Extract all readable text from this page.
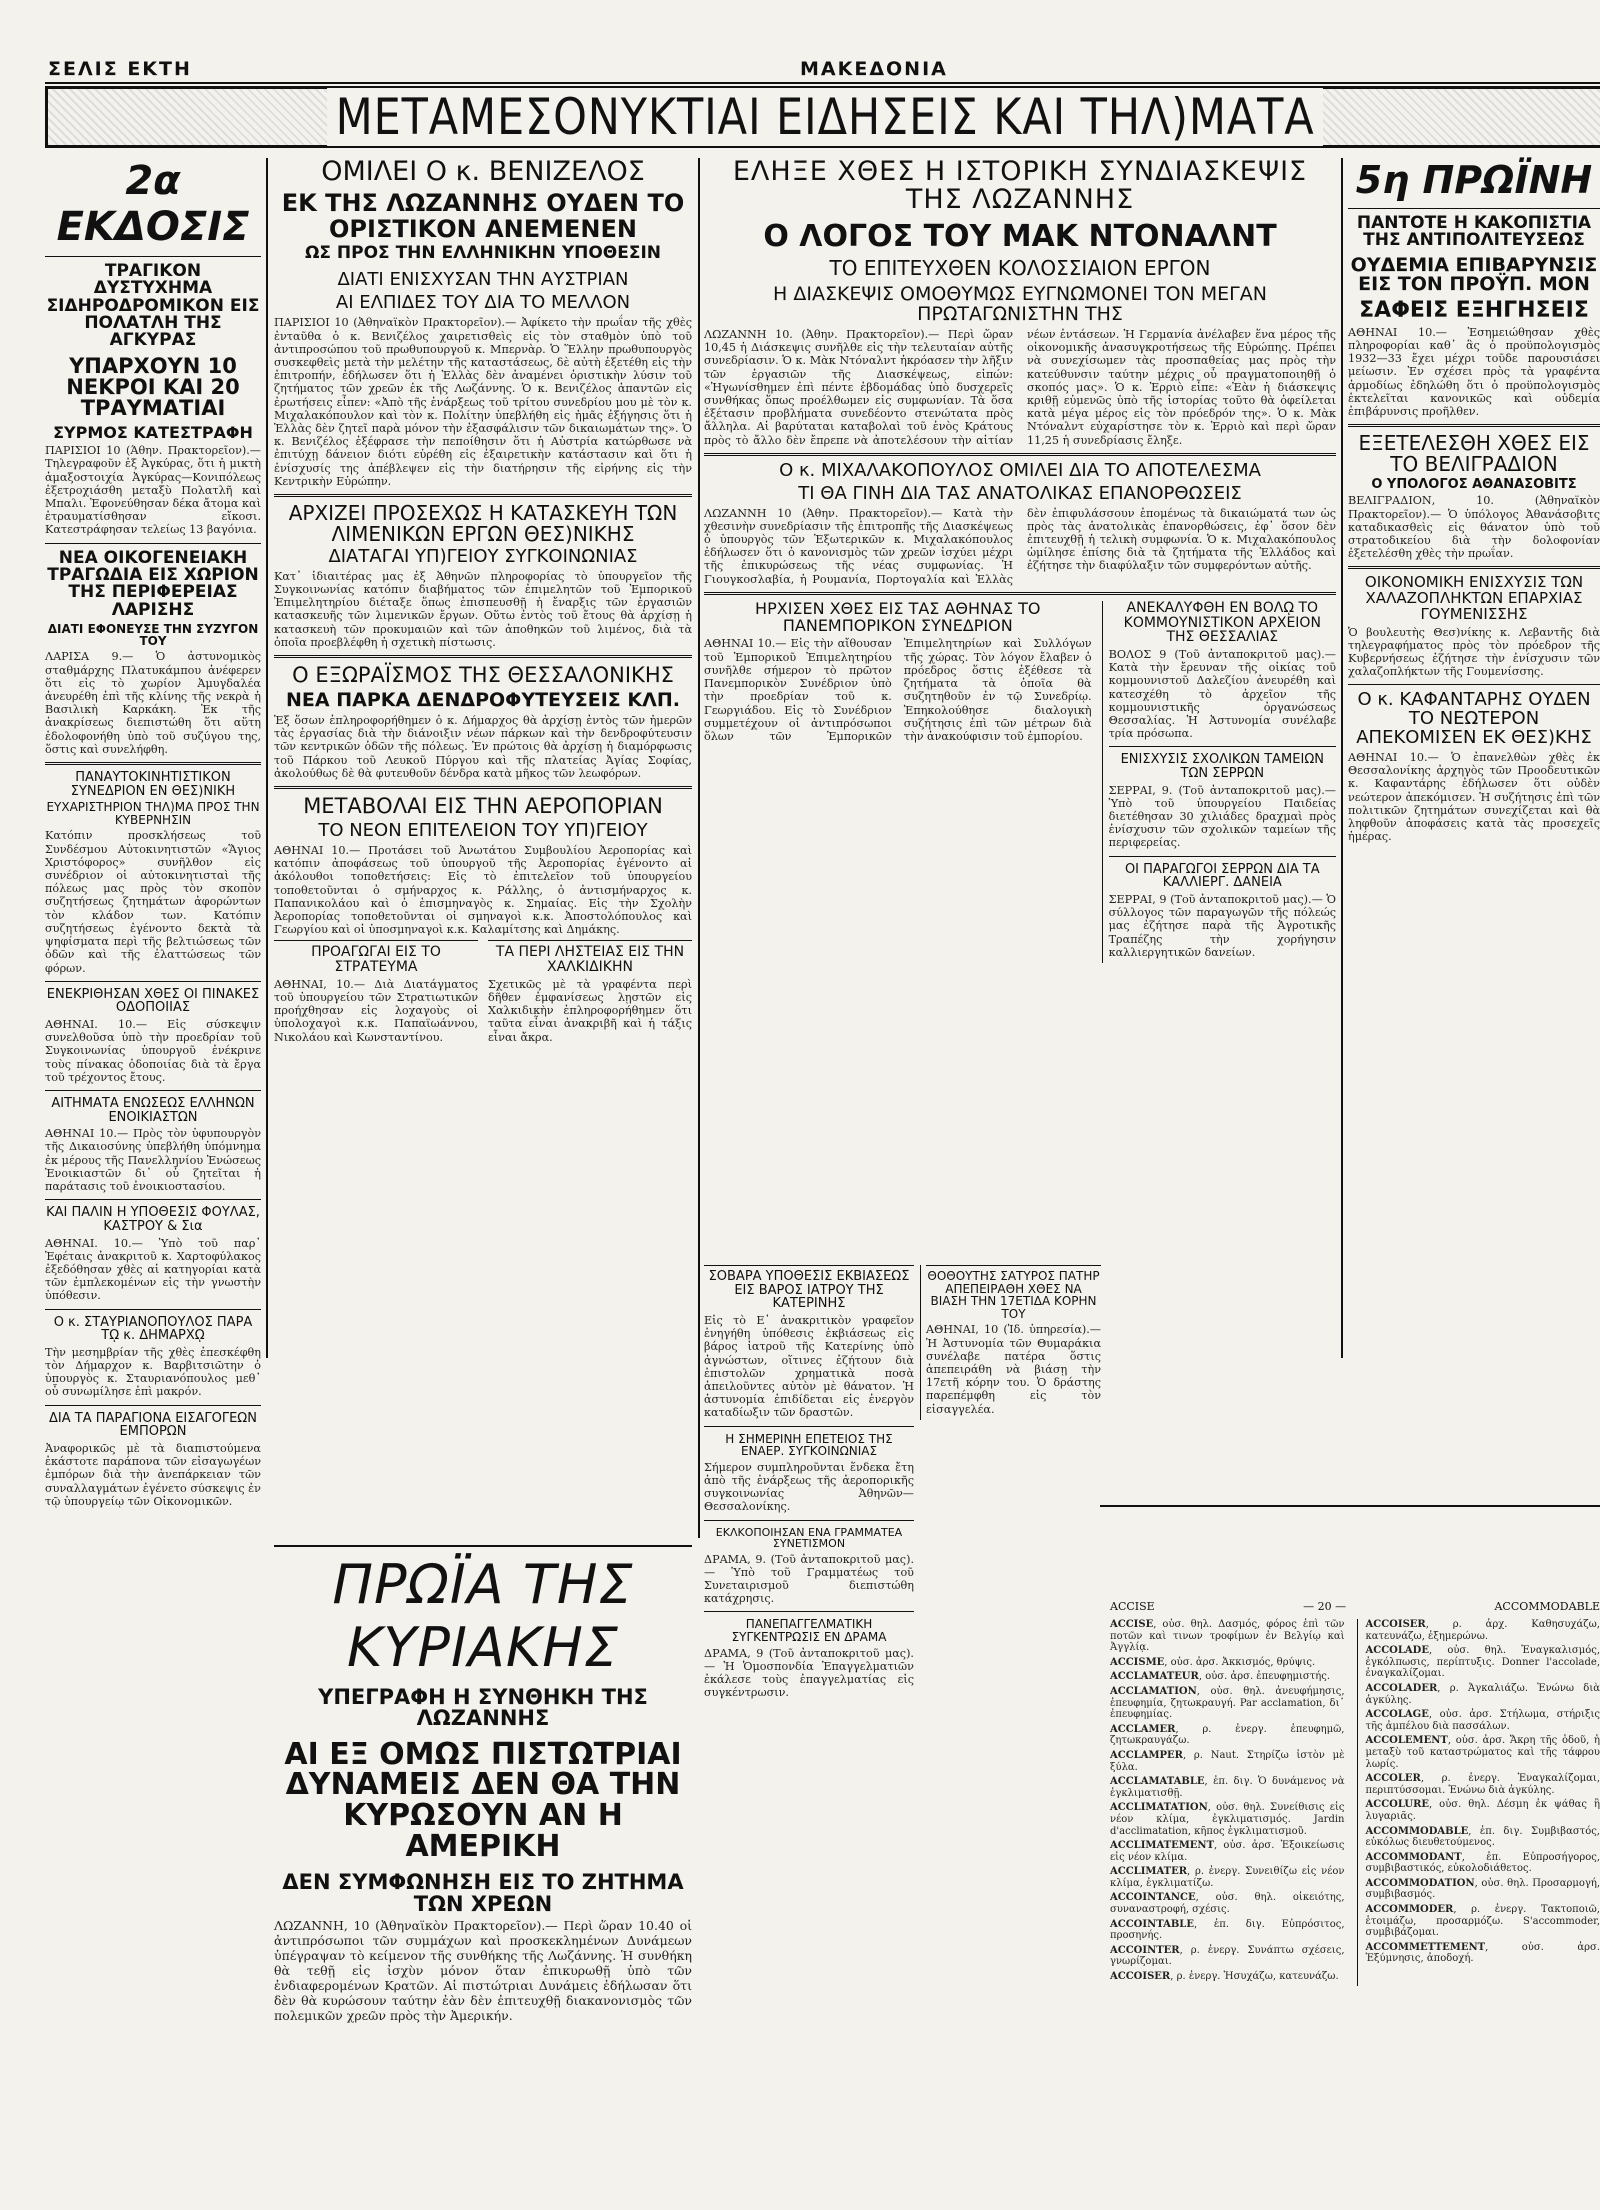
ΣΕΛΙΣ ΕΚΤΗ	ΜΑΚΕΔΟΝΙΑ
ΜΕΤΑΜΕΣΟΝΥΚΤΙΑΙ ΕΙΔΗΣΕΙΣ ΚΑΙ ΤΗΛ)ΜΑΤΑ
2α ΕΚΔΟΣΙΣ
ΤΡΑΓΙΚΟΝ ΔΥΣΤΥΧΗΜΑ ΣΙΔΗΡΟΔΡΟΜΙΚΟΝ ΕΙΣ ΠΟΛΑΤΛΗ ΤΗΣ ΑΓΚΥΡΑΣ
ΥΠΑΡΧΟΥΝ 10 ΝΕΚΡΟΙ ΚΑΙ 20 ΤΡΑΥΜΑΤΙΑΙ
ΣΥΡΜΟΣ ΚΑΤΕΣΤΡΑΦΗ

ΠΑΡΙΣΙΟΙ 10 (Άθην. Πρακτορεῖον).— Τηλεγραφοῦν ἐξ Ἀγκύρας, ὅτι ἡ μικτὴ ἀμαξοστοιχία Ἀγκύρας—Κονιπόλεως ἐξετροχιάσθη μεταξὺ Πολατλῆ καὶ Μπαλι. Ἐφονεύθησαν δέκα ἄτομα καὶ ἐτραυματίσθησαν εἴκοσι. Κατεστράφησαν τελείως 13 βαγόνια.

ΝΕΑ ΟΙΚΟΓΕΝΕΙΑΚΗ ΤΡΑΓΩΔΙΑ ΕΙΣ ΧΩΡΙΟΝ ΤΗΣ ΠΕΡΙΦΕΡΕΙΑΣ ΛΑΡΙΣΗΣ
ΔΙΑΤΙ ΕΦΟΝΕΥΣΕ ΤΗΝ ΣΥΖΥΓΟΝ ΤΟΥ

ΛΑΡΙΣΑ 9.— Ὁ ἀστυνομικὸς σταθμάρχης Πλατυκάμπου ἀνέφερεν ὅτι εἰς τὸ χωρίον Ἀμυγδαλέα ἀνευρέθη ἐπὶ τῆς κλίνης τῆς νεκρὰ ἡ Βασιλικὴ Καρκάκη. Ἐκ τῆς ἀνακρίσεως διεπιστώθη ὅτι αὕτη ἐδολοφονήθη ὑπὸ τοῦ συζύγου της, ὅστις καὶ συνελήφθη.

ΠΑΝΑΥΤΟΚΙΝΗΤΙΣΤΙΚΟΝ ΣΥΝΕΔΡΙΟΝ ΕΝ ΘΕΣ)ΝΙΚΗ
ΕΥΧΑΡΙΣΤΗΡΙΟΝ ΤΗΛ)ΜΑ ΠΡΟΣ ΤΗΝ ΚΥΒΕΡΝΗΣΙΝ

Κατόπιν προσκλήσεως τοῦ Συνδέσμου Αὐτοκινητιστῶν «Ἅγιος Χριστόφορος» συνῆλθον εἰς συνέδριον οἱ αὐτοκινητισταὶ τῆς πόλεως μας πρὸς τὸν σκοπὸν συζητήσεως ζητημάτων ἀφορώντων τὸν κλάδον των. Κατόπιν συζητήσεως ἐγένοντο δεκτὰ τὰ ψηφίσματα περὶ τῆς βελτιώσεως τῶν ὁδῶν καὶ τῆς ἐλαττώσεως τῶν φόρων.

ΕΝΕΚΡΙΘΗΣΑΝ ΧΘΕΣ ΟΙ ΠΙΝΑΚΕΣ ΟΔΟΠΟΙΙΑΣ

ΑΘΗΝΑΙ. 10.— Εἰς σύσκεψιν συνελθοῦσα ὑπὸ τὴν προεδρίαν τοῦ Συγκοινωνίας ὑπουργοῦ ἐνέκρινε τοὺς πίνακας ὁδοποιίας διὰ τὰ ἔργα τοῦ τρέχοντος ἔτους.

ΑΙΤΗΜΑΤΑ ΕΝΩΣΕΩΣ ΕΛΛΗΝΩΝ ΕΝΟΙΚΙΑΣΤΩΝ

ΑΘΗΝΑΙ 10.— Πρὸς τὸν ὑφυπουργὸν τῆς Δικαιοσύνης ὑπεβλήθη ὑπόμνημα ἐκ μέρους τῆς Πανελληνίου Ἑνώσεως Ἐνοικιαστῶν δι᾽ οὗ ζητεῖται ἡ παράτασις τοῦ ἐνοικιοστασίου.

ΚΑΙ ΠΑΛΙΝ Η ΥΠΟΘΕΣΙΣ ΦΟΥΛΑΣ, ΚΑΣΤΡΟΥ & Σια

ΑΘΗΝΑΙ. 10.— Ὑπὸ τοῦ παρ᾽ Ἐφέταις ἀνακριτοῦ κ. Χαρτοφύλακος ἐξεδόθησαν χθὲς αἱ κατηγορίαι κατὰ τῶν ἐμπλεκομένων εἰς τὴν γνωστὴν ὑπόθεσιν.

Ο κ. ΣΤΑΥΡΙΑΝΟΠΟΥΛΟΣ ΠΑΡΑ Τῼ κ. ΔΗΜΑΡΧῼ

Τὴν μεσημβρίαν τῆς χθὲς ἐπεσκέφθη τὸν Δήμαρχον κ. Βαρβιτσιῶτην ὁ ὑπουργὸς κ. Σταυριανόπουλος μεθ᾽ οὗ συνωμίλησε ἐπὶ μακρόν.

ΔΙΑ ΤΑ ΠΑΡΑΓΙΟΝΑ ΕΙΣΑΓΟΓΕΩΝ ΕΜΠΟΡΩΝ

Ἀναφορικῶς μὲ τὰ διαπιστούμενα ἐκάστοτε παράπονα τῶν εἰσαγωγέων ἐμπόρων διὰ τὴν ἀνεπάρκειαν τῶν συναλλαγμάτων ἐγένετο σύσκεψις ἐν τῷ ὑπουργείῳ τῶν Οἰκονομικῶν.

ΟΜΙΛΕΙ Ο κ. ΒΕΝΙΖΕΛΟΣ
ΕΚ ΤΗΣ ΛΩΖΑΝΝΗΣ ΟΥΔΕΝ ΤΟ ΟΡΙΣΤΙΚΟΝ ΑΝΕΜΕΝΕΝ
ΩΣ ΠΡΟΣ ΤΗΝ ΕΛΛΗΝΙΚΗΝ ΥΠΟΘΕΣΙΝ
ΔΙΑΤΙ ΕΝΙΣΧΥΣΑΝ ΤΗΝ ΑΥΣΤΡΙΑΝ
ΑΙ ΕΛΠΙΔΕΣ ΤΟΥ ΔΙΑ ΤΟ ΜΕΛΛΟΝ

ΠΑΡΙΣΙΟΙ 10 (Ἀθηναϊκὸν Πρακτορεῖον).— Ἀφίκετο τὴν πρωΐαν τῆς χθὲς ἐνταῦθα ὁ κ. Βενιζέλος χαιρετισθεὶς εἰς τὸν σταθμὸν ὑπὸ τοῦ ἀντιπροσώπου τοῦ πρωθυπουργοῦ κ. Μπερνὰρ. Ὁ Ἕλλην πρωθυπουργὸς συσκεφθεὶς μετὰ τὴν μελέτην τῆς καταστάσεως, δὲ αὐτὴ ἐξετέθη εἰς τὴν ἐπιτροπήν, ἐδήλωσεν ὅτι ἡ Ἑλλὰς δὲν ἀναμένει ὁριστικὴν λύσιν τοῦ ζητήματος τῶν χρεῶν ἐκ τῆς Λωζάννης. Ὁ κ. Βενιζέλος ἀπαντῶν εἰς ἐρωτήσεις εἶπεν: «Ἀπὸ τῆς ἐνάρξεως τοῦ τρίτου συνεδρίου μου μὲ τὸν κ. Μιχαλακόπουλον καὶ τὸν κ. Πολίτην ὑπεβλήθη εἰς ἡμᾶς ἐξήγησις ὅτι ἡ Ἑλλὰς δὲν ζητεῖ παρὰ μόνον τὴν ἐξασφάλισιν τῶν δικαιωμάτων της». Ὁ κ. Βενιζέλος ἐξέφρασε τὴν πεποίθησιν ὅτι ἡ Αὐστρία κατώρθωσε νὰ ἐπιτύχῃ δάνειον διότι εὑρέθη εἰς ἐξαιρετικὴν κατάστασιν καὶ ὅτι ἡ ἐνίσχυσίς της ἀπέβλεψεν εἰς τὴν διατήρησιν τῆς εἰρήνης εἰς τὴν Κεντρικὴν Εὐρώπην.

ΑΡΧΙΖΕΙ ΠΡΟΣΕΧΩΣ Η ΚΑΤΑΣΚΕΥΗ ΤΩΝ ΛΙΜΕΝΙΚΩΝ ΕΡΓΩΝ ΘΕΣ)ΝΙΚΗΣ
ΔΙΑΤΑΓΑΙ ΥΠ)ΓΕΙΟΥ ΣΥΓΚΟΙΝΩΝΙΑΣ

Κατ᾽ ἰδιαιτέρας μας ἐξ Ἀθηνῶν πληροφορίας τὸ ὑπουργεῖον τῆς Συγκοινωνίας κατόπιν διαβήματος τῶν ἐπιμελητῶν τοῦ Ἐμπορικοῦ Ἐπιμελητηρίου διέταξε ὅπως ἐπισπευσθῇ ἡ ἔναρξις τῶν ἐργασιῶν κατασκευῆς τῶν λιμενικῶν ἔργων. Οὕτω ἐντὸς τοῦ ἔτους θὰ ἀρχίσῃ ἡ κατασκευὴ τῶν προκυμαιῶν καὶ τῶν ἀποθηκῶν τοῦ λιμένος, διὰ τὰ ὁποῖα προεβλέφθη ἡ σχετικὴ πίστωσις.

Ο ΕΞΩΡΑΪΣΜΟΣ ΤΗΣ ΘΕΣΣΑΛΟΝΙΚΗΣ
ΝΕΑ ΠΑΡΚΑ ΔΕΝΔΡΟΦΥΤΕΥΣΕΙΣ ΚΛΠ.

Ἐξ ὅσων ἐπληροφορήθημεν ὁ κ. Δήμαρχος θὰ ἀρχίσῃ ἐντὸς τῶν ἡμερῶν τὰς ἐργασίας διὰ τὴν διάνοιξιν νέων πάρκων καὶ τὴν δενδροφύτευσιν τῶν κεντρικῶν ὁδῶν τῆς πόλεως. Ἐν πρώτοις θὰ ἀρχίσῃ ἡ διαμόρφωσις τοῦ Πάρκου τοῦ Λευκοῦ Πύργου καὶ τῆς πλατείας Ἀγίας Σοφίας, ἀκολούθως δὲ θὰ φυτευθοῦν δένδρα κατὰ μῆκος τῶν λεωφόρων.

ΜΕΤΑΒΟΛΑΙ ΕΙΣ ΤΗΝ ΑΕΡΟΠΟΡΙΑΝ
ΤΟ ΝΕΟΝ ΕΠΙΤΕΛΕΙΟΝ ΤΟΥ ΥΠ)ΓΕΙΟΥ

ΑΘΗΝΑΙ 10.— Προτάσει τοῦ Ἀνωτάτου Συμβουλίου Ἀεροπορίας καὶ κατόπιν ἀποφάσεως τοῦ ὑπουργοῦ τῆς Ἀεροπορίας ἐγένοντο αἱ ἀκόλουθοι τοποθετήσεις: Εἰς τὸ ἐπιτελεῖον τοῦ ὑπουργείου τοποθετοῦνται ὁ σμήναρχος κ. Ράλλης, ὁ ἀντισμήναρχος κ. Παπανικολάου καὶ ὁ ἐπισμηναγὸς κ. Σημαίας. Εἰς τὴν Σχολὴν Ἀεροπορίας τοποθετοῦνται οἱ σμηναγοὶ κ.κ. Ἀποστολόπουλος καὶ Γεωργίου καὶ οἱ ὑποσμηναγοὶ κ.κ. Καλαμίτσης καὶ Δημάκης.

ΠΡΟΑΓΩΓΑΙ ΕΙΣ ΤΟ ΣΤΡΑΤΕΥΜΑ

ΑΘΗΝΑΙ, 10.— Διὰ Διατάγματος τοῦ ὑπουργείου τῶν Στρατιωτικῶν προήχθησαν εἰς λοχαγοὺς οἱ ὑπολοχαγοὶ κ.κ. Παπαϊωάννου, Νικολάου καὶ Κωνσταντίνου.

ΤΑ ΠΕΡΙ ΛΗΣΤΕΙΑΣ ΕΙΣ ΤΗΝ ΧΑΛΚΙΔΙΚΗΝ

Σχετικῶς μὲ τὰ γραφέντα περὶ δῆθεν ἐμφανίσεως λῃστῶν εἰς Χαλκιδικὴν ἐπληροφορήθημεν ὅτι ταῦτα εἶναι ἀνακριβῆ καὶ ἡ τάξις εἶναι ἄκρα.

ΕΛΗΞΕ ΧΘΕΣ Η ΙΣΤΟΡΙΚΗ ΣΥΝΔΙΑΣΚΕΨΙΣ ΤΗΣ ΛΩΖΑΝΝΗΣ
Ο ΛΟΓΟΣ ΤΟΥ ΜΑΚ ΝΤΟΝΑΛΝΤ
ΤΟ ΕΠΙΤΕΥΧΘΕΝ ΚΟΛΟΣΣΙΑΙΟΝ ΕΡΓΟΝ
Η ΔΙΑΣΚΕΨΙΣ ΟΜΟΘΥΜΩΣ ΕΥΓΝΩΜΟΝΕΙ ΤΟΝ ΜΕΓΑΝ ΠΡΩΤΑΓΩΝΙΣΤΗΝ ΤΗΣ

ΛΩΖΑΝΝΗ 10. (Ἀθην. Πρακτορεῖον).— Περὶ ὥραν 10,45 ἡ Διάσκεψις συνῆλθε εἰς τὴν τελευταίαν αὐτῆς συνεδρίασιν. Ὁ κ. Μὰκ Ντόναλντ ἠκρόασεν τὴν λῆξιν τῶν ἐργασιῶν τῆς Διασκέψεως, εἰπών: «Ἠγωνίσθημεν ἐπὶ πέντε ἑβδομάδας ὑπὸ δυσχερεῖς συνθήκας ὅπως προέλθωμεν εἰς συμφωνίαν. Τὰ ὅσα ἐξέτασιν προβλήματα συνεδέοντο στενώτατα πρὸς ἄλληλα. Αἱ βαρύταται καταβολαὶ τοῦ ἑνὸς Κράτους πρὸς τὸ ἄλλο δὲν ἔπρεπε νὰ ἀποτελέσουν τὴν αἰτίαν νέων ἐντάσεων. Ἡ Γερμανία ἀνέλαβεν ἕνα μέρος τῆς οἰκονομικῆς ἀνασυγκροτήσεως τῆς Εὐρώπης. Πρέπει νὰ συνεχίσωμεν τὰς προσπαθείας μας πρὸς τὴν κατεύθυνσιν ταύτην μέχρις οὗ πραγματοποιηθῇ ὁ σκοπός μας». Ὁ κ. Ἐρριὸ εἶπε: «Ἐὰν ἡ διάσκεψις κριθῇ εὐμενῶς ὑπὸ τῆς ἱστορίας τοῦτο θὰ ὀφείλεται κατὰ μέγα μέρος εἰς τὸν πρόεδρόν της». Ὁ κ. Μὰκ Ντόναλντ εὐχαρίστησε τὸν κ. Ἐρριὸ καὶ περὶ ὥραν 11,25 ἡ συνεδρίασις ἔληξε.

Ο κ. ΜΙΧΑΛΑΚΟΠΟΥΛΟΣ ΟΜΙΛΕΙ ΔΙΑ ΤΟ ΑΠΟΤΕΛΕΣΜΑ
ΤΙ ΘΑ ΓΙΝΗ ΔΙΑ ΤΑΣ ΑΝΑΤΟΛΙΚΑΣ ΕΠΑΝΟΡΘΩΣΕΙΣ

ΛΩΖΑΝΝΗ 10 (Ἀθην. Πρακτορεῖον).— Κατὰ τὴν χθεσινὴν συνεδρίασιν τῆς ἐπιτροπῆς τῆς Διασκέψεως ὁ ὑπουργὸς τῶν Ἐξωτερικῶν κ. Μιχαλακόπουλος ἐδήλωσεν ὅτι ὁ κανονισμὸς τῶν χρεῶν ἰσχύει μέχρι τῆς ἐπικυρώσεως τῆς νέας συμφωνίας. Ἡ Γιουγκοσλαβία, ἡ Ρουμανία, Πορτογαλία καὶ Ἑλλὰς δὲν ἐπιφυλάσσουν ἑπομένως τὰ δικαιώματά των ὡς πρὸς τὰς ἀνατολικὰς ἐπανορθώσεις, ἐφ᾽ ὅσον δὲν ἐπιτευχθῇ ἡ τελικὴ συμφωνία. Ὁ κ. Μιχαλακόπουλος ὡμίλησε ἐπίσης διὰ τὰ ζητήματα τῆς Ἑλλάδος καὶ ἐζήτησε τὴν διαφύλαξιν τῶν συμφερόντων αὐτῆς.

ΗΡΧΙΣΕΝ ΧΘΕΣ ΕΙΣ ΤΑΣ ΑΘΗΝΑΣ ΤΟ ΠΑΝΕΜΠΟΡΙΚΟΝ ΣΥΝΕΔΡΙΟΝ

ΑΘΗΝΑΙ 10.— Εἰς τὴν αἴθουσαν τοῦ Ἐμπορικοῦ Ἐπιμελητηρίου συνῆλθε σήμερον τὸ πρῶτον Πανεμπορικὸν Συνέδριον ὑπὸ τὴν προεδρίαν τοῦ κ. Γεωργιάδου. Εἰς τὸ Συνέδριον συμμετέχουν οἱ ἀντιπρόσωποι ὅλων τῶν Ἐμπορικῶν Ἐπιμελητηρίων καὶ Συλλόγων τῆς χώρας. Τὸν λόγον ἔλαβεν ὁ πρόεδρος ὅστις ἐξέθεσε τὰ ζητήματα τὰ ὁποῖα θὰ συζητηθοῦν ἐν τῷ Συνεδρίῳ. Ἐπηκολούθησε διαλογικὴ συζήτησις ἐπὶ τῶν μέτρων διὰ τὴν ἀνακούφισιν τοῦ ἐμπορίου.

ΑΝΕΚΑΛΥΦΘΗ ΕΝ ΒΟΛῼ ΤΟ ΚΟΜΜΟΥΝΙΣΤΙΚΟΝ ΑΡΧΕΙΟΝ ΤΗΣ ΘΕΣΣΑΛΙΑΣ

ΒΟΛΟΣ 9 (Τοῦ ἀνταποκριτοῦ μας).— Κατὰ τὴν ἔρευναν τῆς οἰκίας τοῦ κομμουνιστοῦ Δαλεζίου ἀνευρέθη καὶ κατεσχέθη τὸ ἀρχεῖον τῆς κομμουνιστικῆς ὀργανώσεως Θεσσαλίας. Ἡ Ἀστυνομία συνέλαβε τρία πρόσωπα.

ΕΝΙΣΧΥΣΙΣ ΣΧΟΛΙΚΩΝ ΤΑΜΕΙΩΝ ΤΩΝ ΣΕΡΡΩΝ

ΣΕΡΡΑΙ, 9. (Τοῦ ἀνταποκριτοῦ μας).— Ὑπὸ τοῦ ὑπουργείου Παιδείας διετέθησαν 30 χιλιάδες δραχμαὶ πρὸς ἐνίσχυσιν τῶν σχολικῶν ταμείων τῆς περιφερείας.

ΟΙ ΠΑΡΑΓΩΓΟΙ ΣΕΡΡΩΝ ΔΙΑ ΤΑ ΚΑΛΛΙΕΡΓ. ΔΑΝΕΙΑ

ΣΕΡΡΑΙ, 9 (Τοῦ ἀνταποκριτοῦ μας).— Ὁ σύλλογος τῶν παραγωγῶν τῆς πόλεώς μας ἐζήτησε παρὰ τῆς Ἀγροτικῆς Τραπέζης τὴν χορήγησιν καλλιεργητικῶν δανείων.

ΣΟΒΑΡΑ ΥΠΟΘΕΣΙΣ ΕΚΒΙΑΣΕΩΣ ΕΙΣ ΒΑΡΟΣ ΙΑΤΡΟΥ ΤΗΣ ΚΑΤΕΡΙΝΗΣ

Εἰς τὸ Ε᾽ ἀνακριτικὸν γραφεῖον ἐνηγήθη ὑπόθεσις ἐκβιάσεως εἰς βάρος ἰατροῦ τῆς Κατερίνης ὑπὸ ἀγνώστων, οἵτινες ἐζήτουν διὰ ἐπιστολῶν χρηματικὰ ποσὰ ἀπειλοῦντες αὐτὸν μὲ θάνατον. Ἡ ἀστυνομία ἐπιδίδεται εἰς ἐνεργὸν καταδίωξιν τῶν δραστῶν.

Η ΣΗΜΕΡΙΝΗ ΕΠΕΤΕΙΟΣ ΤΗΣ ΕΝΑΕΡ. ΣΥΓΚΟΙΝΩΝΙΑΣ

Σήμερον συμπληροῦνται ἕνδεκα ἔτη ἀπὸ τῆς ἐνάρξεως τῆς ἀεροπορικῆς συγκοινωνίας Ἀθηνῶν—Θεσσαλονίκης.

ΕΚΛΚΟΠΟΙΗΣΑΝ ΕΝΑ ΓΡΑΜΜΑΤΕΑ ΣΥΝΕΤΙΣΜΟΝ

ΔΡΑΜΑ, 9. (Τοῦ ἀνταποκριτοῦ μας).— Ὑπὸ τοῦ Γραμματέως τοῦ Συνεταιρισμοῦ διεπιστώθη κατάχρησις.

ΠΑΝΕΠΑΓΓΕΛΜΑΤΙΚΗ ΣΥΓΚΕΝΤΡΩΣΙΣ ΕΝ ΔΡΑΜΑ

ΔΡΑΜΑ, 9 (Τοῦ ἀνταποκριτοῦ μας).— Ἡ Ὁμοσπονδία Ἐπαγγελματιῶν ἐκάλεσε τοὺς ἐπαγγελματίας εἰς συγκέντρωσιν.

ΘΟΘΟΥΤΗΣ ΣΑΤΥΡΟΣ ΠΑΤΗΡ ΑΠΕΠΕΙΡΑΘΗ ΧΘΕΣ ΝΑ ΒΙΑΣΗ ΤΗΝ 17ΕΤΙΔΑ ΚΟΡΗΝ ΤΟΥ

ΑΘΗΝΑΙ, 10 (Ἰδ. ὑπηρεσία).— Ἡ Ἀστυνομία τῶν Θυμαράκια συνέλαβε πατέρα ὅστις ἀπεπειράθη νὰ βιάσῃ τὴν 17ετῆ κόρην του. Ὁ δράστης παρεπέμφθη εἰς τὸν εἰσαγγελέα.

5η ΠΡΩΪΝΗ
ΠΑΝΤΟΤΕ Η ΚΑΚΟΠΙΣΤΙΑ ΤΗΣ ΑΝΤΙΠΟΛΙΤΕΥΣΕΩΣ
ΟΥΔΕΜΙΑ ΕΠΙΒΑΡΥΝΣΙΣ ΕΙΣ ΤΟΝ ΠΡΟΫΠ. ΜΟΝ
ΣΑΦΕΙΣ ΕΞΗΓΗΣΕΙΣ

ΑΘΗΝΑΙ 10.— Ἐσημειώθησαν χθὲς πληροφορίαι καθ᾽ ἃς ὁ προϋπολογισμὸς 1932—33 ἔχει μέχρι τοῦδε παρουσιάσει μείωσιν. Ἐν σχέσει πρὸς τὰ γραφέντα ἁρμοδίως ἐδηλώθη ὅτι ὁ προϋπολογισμὸς ἐκτελεῖται κανονικῶς καὶ οὐδεμία ἐπιβάρυνσις προῆλθεν.

ΕΞΕΤΕΛΕΣΘΗ ΧΘΕΣ ΕΙΣ ΤΟ ΒΕΛΙΓΡΑΔΙΟΝ
Ο ΥΠΟΛΟΓΟΣ ΑΘΑΝΑΣΟΒΙΤΣ

ΒΕΛΙΓΡΑΔΙΟΝ, 10. (Ἀθηναϊκὸν Πρακτορεῖον).— Ὁ ὑπόλογος Ἀθανάσοβιτς καταδικασθεὶς εἰς θάνατον ὑπὸ τοῦ στρατοδικείου διὰ τὴν δολοφονίαν ἐξετελέσθη χθὲς τὴν πρωΐαν.

ΟΙΚΟΝΟΜΙΚΗ ΕΝΙΣΧΥΣΙΣ ΤΩΝ ΧΑΛΑΖΟΠΛΗΚΤΩΝ ΕΠΑΡΧΙΑΣ ΓΟΥΜΕΝΙΣΣΗΣ

Ὁ βουλευτὴς Θεσ)νίκης κ. Λεβαντῆς διὰ τηλεγραφήματος πρὸς τὸν πρόεδρον τῆς Κυβερνήσεως ἐζήτησε τὴν ἐνίσχυσιν τῶν χαλαζοπλήκτων τῆς Γουμενίσσης.

Ο κ. ΚΑΦΑΝΤΑΡΗΣ ΟΥΔΕΝ ΤΟ ΝΕΩΤΕΡΟΝ ΑΠΕΚΟΜΙΣΕΝ ΕΚ ΘΕΣ)ΚΗΣ

ΑΘΗΝΑΙ 10.— Ὁ ἐπανελθὼν χθὲς ἐκ Θεσσαλονίκης ἀρχηγὸς τῶν Προοδευτικῶν κ. Καφαντάρης ἐδήλωσεν ὅτι οὐδὲν νεώτερον ἀπεκόμισεν. Ἡ συζήτησις ἐπὶ τῶν πολιτικῶν ζητημάτων συνεχίζεται καὶ θὰ ληφθοῦν ἀποφάσεις κατὰ τὰς προσεχεῖς ἡμέρας.

ΠΡΩΪΑ ΤΗΣ ΚΥΡΙΑΚΗΣ
ΥΠΕΓΡΑΦΗ Η ΣΥΝΘΗΚΗ ΤΗΣ ΛΩΖΑΝΝΗΣ
ΑΙ ΕΞ ΟΜΩΣ ΠΙΣΤΩΤΡΙΑΙ ΔΥΝΑΜΕΙΣ ΔΕΝ ΘΑ ΤΗΝ ΚΥΡΩΣΟΥΝ ΑΝ Η ΑΜΕΡΙΚΗ
ΔΕΝ ΣΥΜΦΩΝΗΣΗ ΕΙΣ ΤΟ ΖΗΤΗΜΑ ΤΩΝ ΧΡΕΩΝ

ΛΩΖΑΝΝΗ, 10 (Ἀθηναϊκὸν Πρακτορεῖον).— Περὶ ὥραν 10.40 οἱ ἀντιπρόσωποι τῶν συμμάχων καὶ προσκεκλημένων Δυνάμεων ὑπέγραψαν τὸ κείμενον τῆς συνθήκης τῆς Λωζάννης. Ἡ συνθήκη θὰ τεθῇ εἰς ἰσχὺν μόνον ὅταν ἐπικυρωθῇ ὑπὸ τῶν ἐνδιαφερομένων Κρατῶν. Αἱ πιστώτριαι Δυνάμεις ἐδήλωσαν ὅτι δὲν θὰ κυρώσουν ταύτην ἐὰν δὲν ἐπιτευχθῇ διακανονισμὸς τῶν πολεμικῶν χρεῶν πρὸς τὴν Ἀμερικήν.

ACCISE	— 20 —	ACCOMMODABLE

ACCISE, οὐσ. θηλ. Δασμός, φόρος ἐπὶ τῶν ποτῶν καὶ τινων τροφίμων ἐν Βελγίῳ καὶ Ἀγγλίᾳ.

ACCISME, οὐσ. ἀρσ. Ἀκκισμός, θρύψις.

ACCLAMATEUR, οὐσ. ἀρσ. ἐπευφημιστής.

ACCLAMATION, οὐσ. θηλ. ἀνευφήμησις, ἐπευφημία, ζητωκραυγή. Par acclamation, δι᾽ ἐπευφημίας.

ACCLAMER, ρ. ἐνεργ. ἐπευφημῶ, ζητωκραυγάζω.

ACCLAMPER, ρ. Naut. Στηρίζω ἱστὸν μὲ ξύλα.

ACCLAMATABLE, ἐπ. διγ. Ὁ δυνάμενος νὰ ἐγκλιματισθῇ.

ACCLIMATATION, οὐσ. θηλ. Συνείθισις εἰς νέον κλίμα, ἐγκλιματισμός. Jardin d'acclimatation, κῆπος ἐγκλιματισμοῦ.

ACCLIMATEMENT, οὐσ. ἀρσ. Ἐξοικείωσις εἰς νέον κλίμα.

ACCLIMATER, ρ. ἐνεργ. Συνειθίζω εἰς νέον κλίμα, ἐγκλιματίζω.

ACCOINTANCE, οὐσ. θηλ. οἰκειότης, συναναστροφή, σχέσις.

ACCOINTABLE, ἐπ. διγ. Εὐπρόσιτος, προσηνής.

ACCOINTER, ρ. ἐνεργ. Συνάπτω σχέσεις, γνωρίζομαι.

ACCOISER, ρ. ἐνεργ. Ἡσυχάζω, κατευνάζω.

ACCOISER, ρ. ἀρχ. Καθησυχάζω, κατευνάζω, ἐξημερώνω.

ACCOLADE, οὐσ. θηλ. Ἐναγκαλισμός, ἐγκόλπωσις, περίπτυξις. Donner l'accolade, ἐναγκαλίζομαι.

ACCOLADER, ρ. Ἀγκαλιάζω. Ἑνώνω διὰ ἀγκύλης.

ACCOLAGE, οὐσ. ἀρσ. Στήλωμα, στήριξις τῆς ἀμπέλου διὰ πασσάλων.

ACCOLEMENT, οὐσ. ἀρσ. Ἄκρη τῆς ὁδοῦ, ἡ μεταξὺ τοῦ καταστρώματος καὶ τῆς τάφρου λωρίς.

ACCOLER, ρ. ἐνεργ. Ἐναγκαλίζομαι, περιπτύσσομαι. Ἑνώνω διὰ ἀγκύλης.

ACCOLURE, οὐσ. θηλ. Δέσμη ἐκ ψάθας ἢ λυγαριᾶς.

ACCOMMODABLE, ἐπ. διγ. Συμβιβαστός, εὐκόλως διευθετούμενος.

ACCOMMODANT, ἐπ. Εὐπροσήγορος, συμβιβαστικός, εὐκολοδιάθετος.

ACCOMMODATION, οὐσ. θηλ. Προσαρμογή, συμβιβασμός.

ACCOMMODER, ρ. ἐνεργ. Τακτοποιῶ, ἑτοιμάζω, προσαρμόζω. S'accommoder, συμβιβάζομαι.

ACCOMMETTEMENT, οὐσ. ἀρσ. Ἐξύμνησις, ἀποδοχή.
